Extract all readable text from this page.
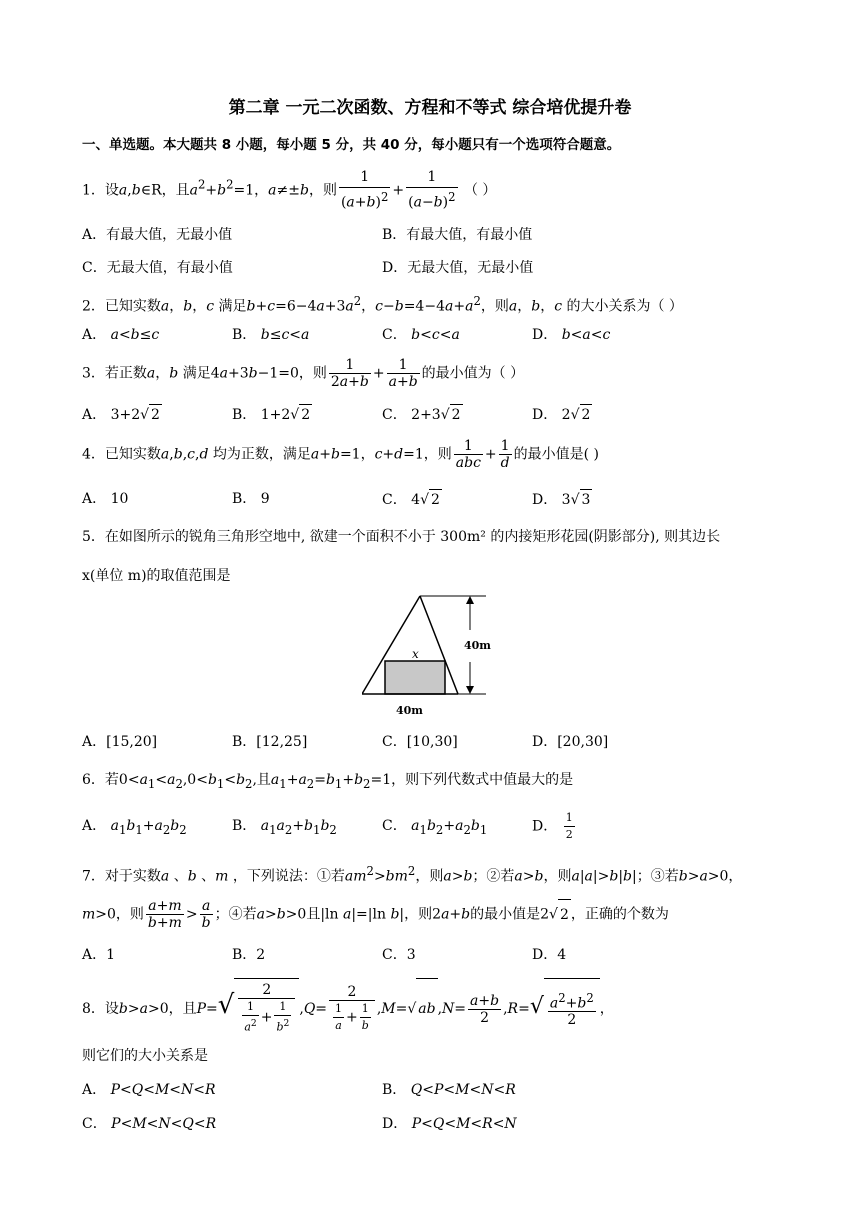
第二章 一元二次函数、方程和不等式 综合培优提升卷
一、单选题。本大题共 8 小题，每小题 5 分，共 40 分，每小题只有一个选项符合题意。
1．设a,b∈R，且$a^2+b^2=1$，a≠±b，则 $\frac{1}{(a+b)^2} + \frac{1}{(a-b)^2}$ （ ）
A．有最大值，无最小值	B．有最大值，有最小值
C．无最大值，有最小值	D．无最大值，无最小值
2．已知实数a，b，c 满足$b+c=6-4a+3a^2$，$c-b=4-4a+a^2$，则a，b，c 的大小关系为（ ）
A． a<b≤c	B． b≤c<a	C． b<c<a	D． b<a<c
3．若正数a，b 满足4a+3b−1=0，则 $\frac{1}{2a+b} + \frac{1}{a+b}$ 的最小值为（ ）
A． 3+2√ 2	B． 1+2√ 2	C． 2+3√ 2	D． 2√ 2
4．已知实数a,b,c,d 均为正数，满足a+b=1，c+d=1，则 $\frac{1}{\text{abc}} + \frac{1}{d}$ 的最小值是( )
A． 10	B． 9	C． 4√ 2	D． 3√ 3
5．在如图所示的锐角三角形空地中, 欲建一个面积不小于 300m² 的内接矩形花园(阴影部分), 则其边长
x(单位 m)的取值范围是
x
40m
40m
A．[15,20]	B．[12,25]	C．[10,30]	D．[20,30]
6．若$0<a_1<a_2,0<b_1<b_2$,且$a_1+a_2=b_1+b_2=1$，则下列代数式中值最大的是
A． $a_1b_1+a_2b_2$	B． $a_1a_2+b_1b_2$	C． $a_1b_2+a_2b_1$	D． $\frac{1}{2}$
7．对于实数a 、b 、m ，下列说法：①若$am^2>bm^2$，则a>b；②若a>b，则a|a|>b|b|；③若b>a>0，
m>0，则 $\frac{a+m}{b+m} > \frac{a}{b}$ ；④若a>b>0且|ln a|=|ln b|，则2a+b的最小值是2√ 2 ，正确的个数为
A．1	B．2	C．3	D．4
8．设b>a>0，且$P=√ \frac{2}{\frac{1}{a^2} + \frac{1}{b^2}} ,Q= \frac{2}{\frac{1}{a} + \frac{1}{b}} ,M=√$ ab $,N= \frac{a+b}{2} ,R=√ \frac{a^2+b^2}{2}$ ，
则它们的大小关系是
A． P<Q<M<N<R	B． Q<P<M<N<R
C． P<M<N<Q<R	D． P<Q<M<R<N
